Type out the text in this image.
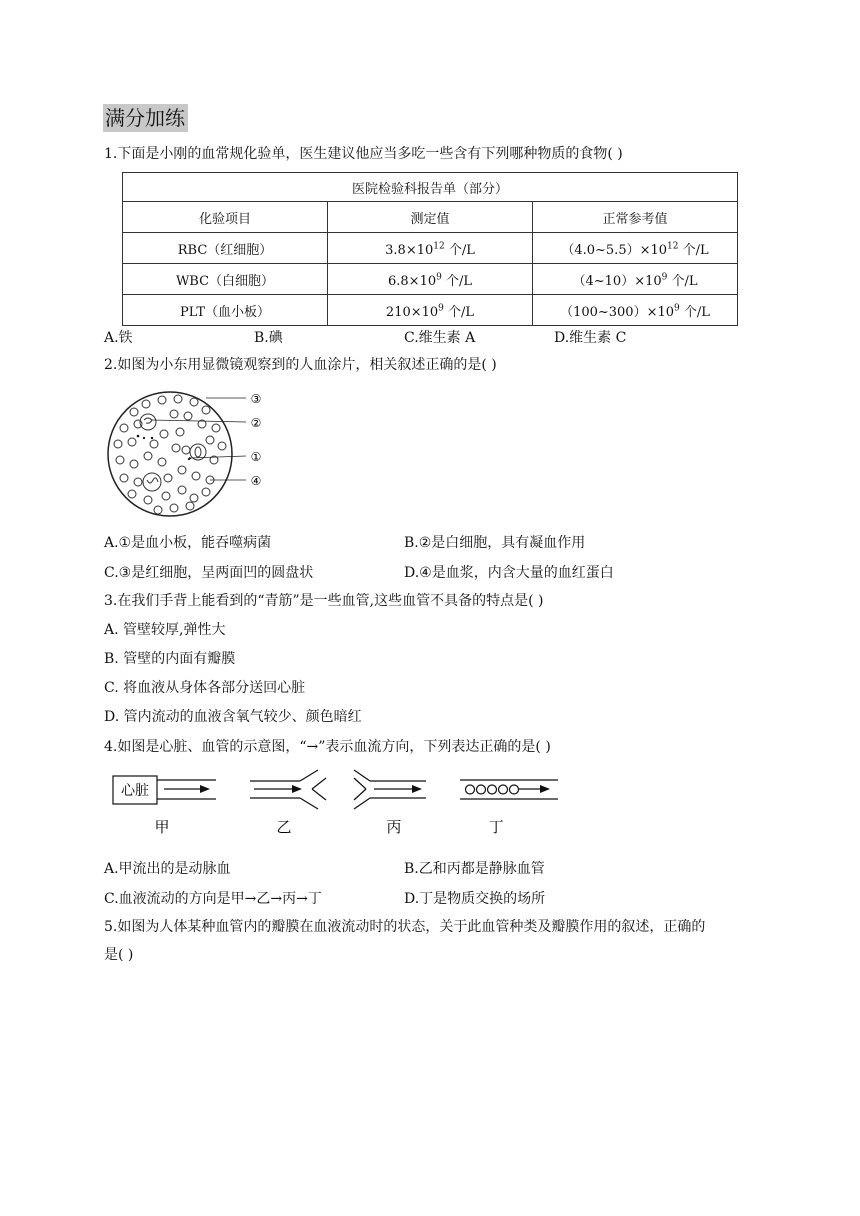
满分加练
1.下面是小刚的血常规化验单，医生建议他应当多吃一些含有下列哪种物质的食物( )
医院检验科报告单（部分）		
化验项目	测定值	正常参考值
RBC（红细胞）	$3.8\times 10^{12}$ 个/L	$(4.0\sim 5.5)\times 10^{12}$ 个/L
WBC（白细胞）	$6.8\times 10^9$ 个/L	$(4\sim 10)\times 10^9$ 个/L
PLT（血小板）	$210\times 10^9$ 个/L	$(100\sim 300)\times 10^9$ 个/L
A.铁	B.碘	C.维生素 A	D.维生素 C
2.如图为小东用显微镜观察到的人血涂片，相关叙述正确的是( )
③
②
①
④
A.①是血小板，能吞噬病菌	B.②是白细胞，具有凝血作用
C.③是红细胞，呈两面凹的圆盘状	D.④是血浆，内含大量的血红蛋白
3.在我们手背上能看到的“青筋”是一些血管,这些血管不具备的特点是( )
A. 管壁较厚,弹性大
B. 管壁的内面有瓣膜
C. 将血液从身体各部分送回心脏
D. 管内流动的血液含氧气较少、颜色暗红
4.如图是心脏、血管的示意图，“→”表示血流方向，下列表达正确的是( )
心脏
甲	乙	丙	丁
A.甲流出的是动脉血	B.乙和丙都是静脉血管
C.血液流动的方向是甲→乙→丙→丁	D.丁是物质交换的场所
5.如图为人体某种血管内的瓣膜在血液流动时的状态，关于此血管种类及瓣膜作用的叙述，正确的
是( )
